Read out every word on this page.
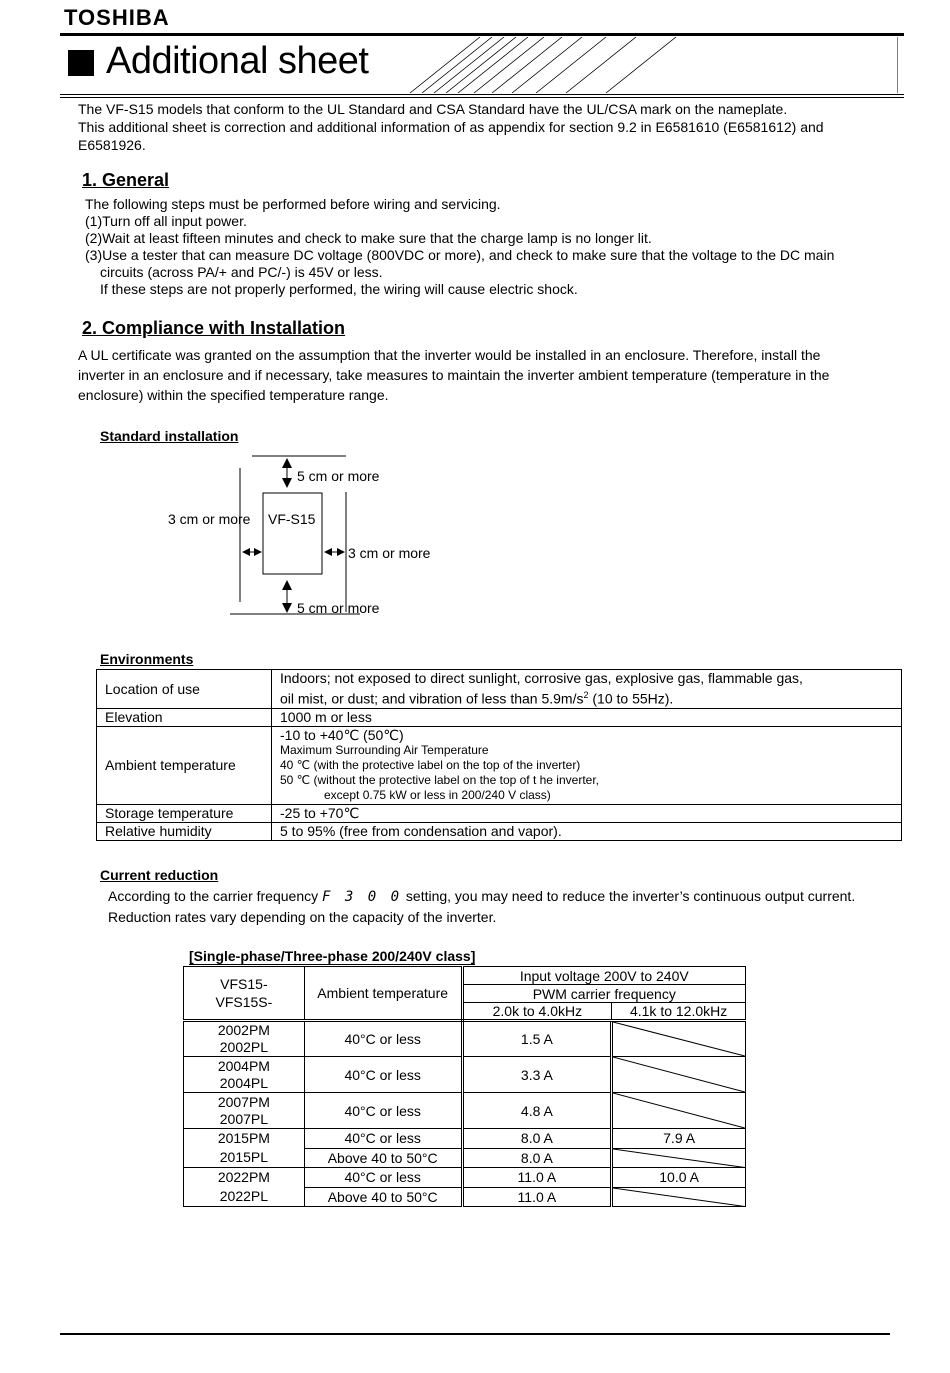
TOSHIBA
Additional sheet
The VF-S15 models that conform to the UL Standard and CSA Standard have the UL/CSA mark on the nameplate.
This additional sheet is correction and additional information of as appendix for section 9.2 in E6581610 (E6581612) and
E6581926.
1. General
The following steps must be performed before wiring and servicing.
(1)Turn off all input power.
(2)Wait at least fifteen minutes and check to make sure that the charge lamp is no longer lit.
(3)Use a tester that can measure DC voltage (800VDC or more), and check to make sure that the voltage to the DC main
circuits (across PA/+ and PC/-) is 45V or less.
If these steps are not properly performed, the wiring will cause electric shock.
2. Compliance with Installation
A UL certificate was granted on the assumption that the inverter would be installed in an enclosure. Therefore, install the
inverter in an enclosure and if necessary, take measures to maintain the inverter ambient temperature (temperature in the
enclosure) within the specified temperature range.
Standard installation
5 cm or more
3 cm or more VF-S15
3 cm or more
5 cm or more
Environments
Location of use	Indoors; not exposed to direct sunlight, corrosive gas, explosive gas, flammable gas,
oil mist, or dust; and vibration of less than $5.9m/s^2$ (10 to 55Hz).

Elevation	1000 m or less
Ambient temperature	-10 to +40℃ (50℃)
Maximum Surrounding Air Temperature
40 ℃ (with the protective label on the top of the inverter)
50 ℃ (without the protective label on the top of t he inverter,
except 0.75 kW or less in 200/240 V class)

Storage temperature	-25 to +70℃
Relative humidity	5 to 95% (free from condensation and vapor).
Current reduction
According to the carrier frequency F 3 0 0 setting, you may need to reduce the inverter’s continuous output current.
Reduction rates vary depending on the capacity of the inverter.
[Single-phase/Three-phase 200/240V class]
VFS15-
VFS15S-	Ambient temperature	Input voltage 200V to 240V	
		PWM carrier frequency	
		2.0k to 4.0kHz	4.1k to 12.0kHz

2002PM
2002PL	40°C or less	1.5 A	

2004PM
2004PL	40°C or less	3.3 A	

2007PM
2007PL	40°C or less	4.8 A	

2015PM
2015PL	40°C or less	8.0 A	7.9 A
	Above 40 to 50°C	8.0 A	

2022PM
2022PL	40°C or less	11.0 A	10.0 A
	Above 40 to 50°C	11.0 A	
